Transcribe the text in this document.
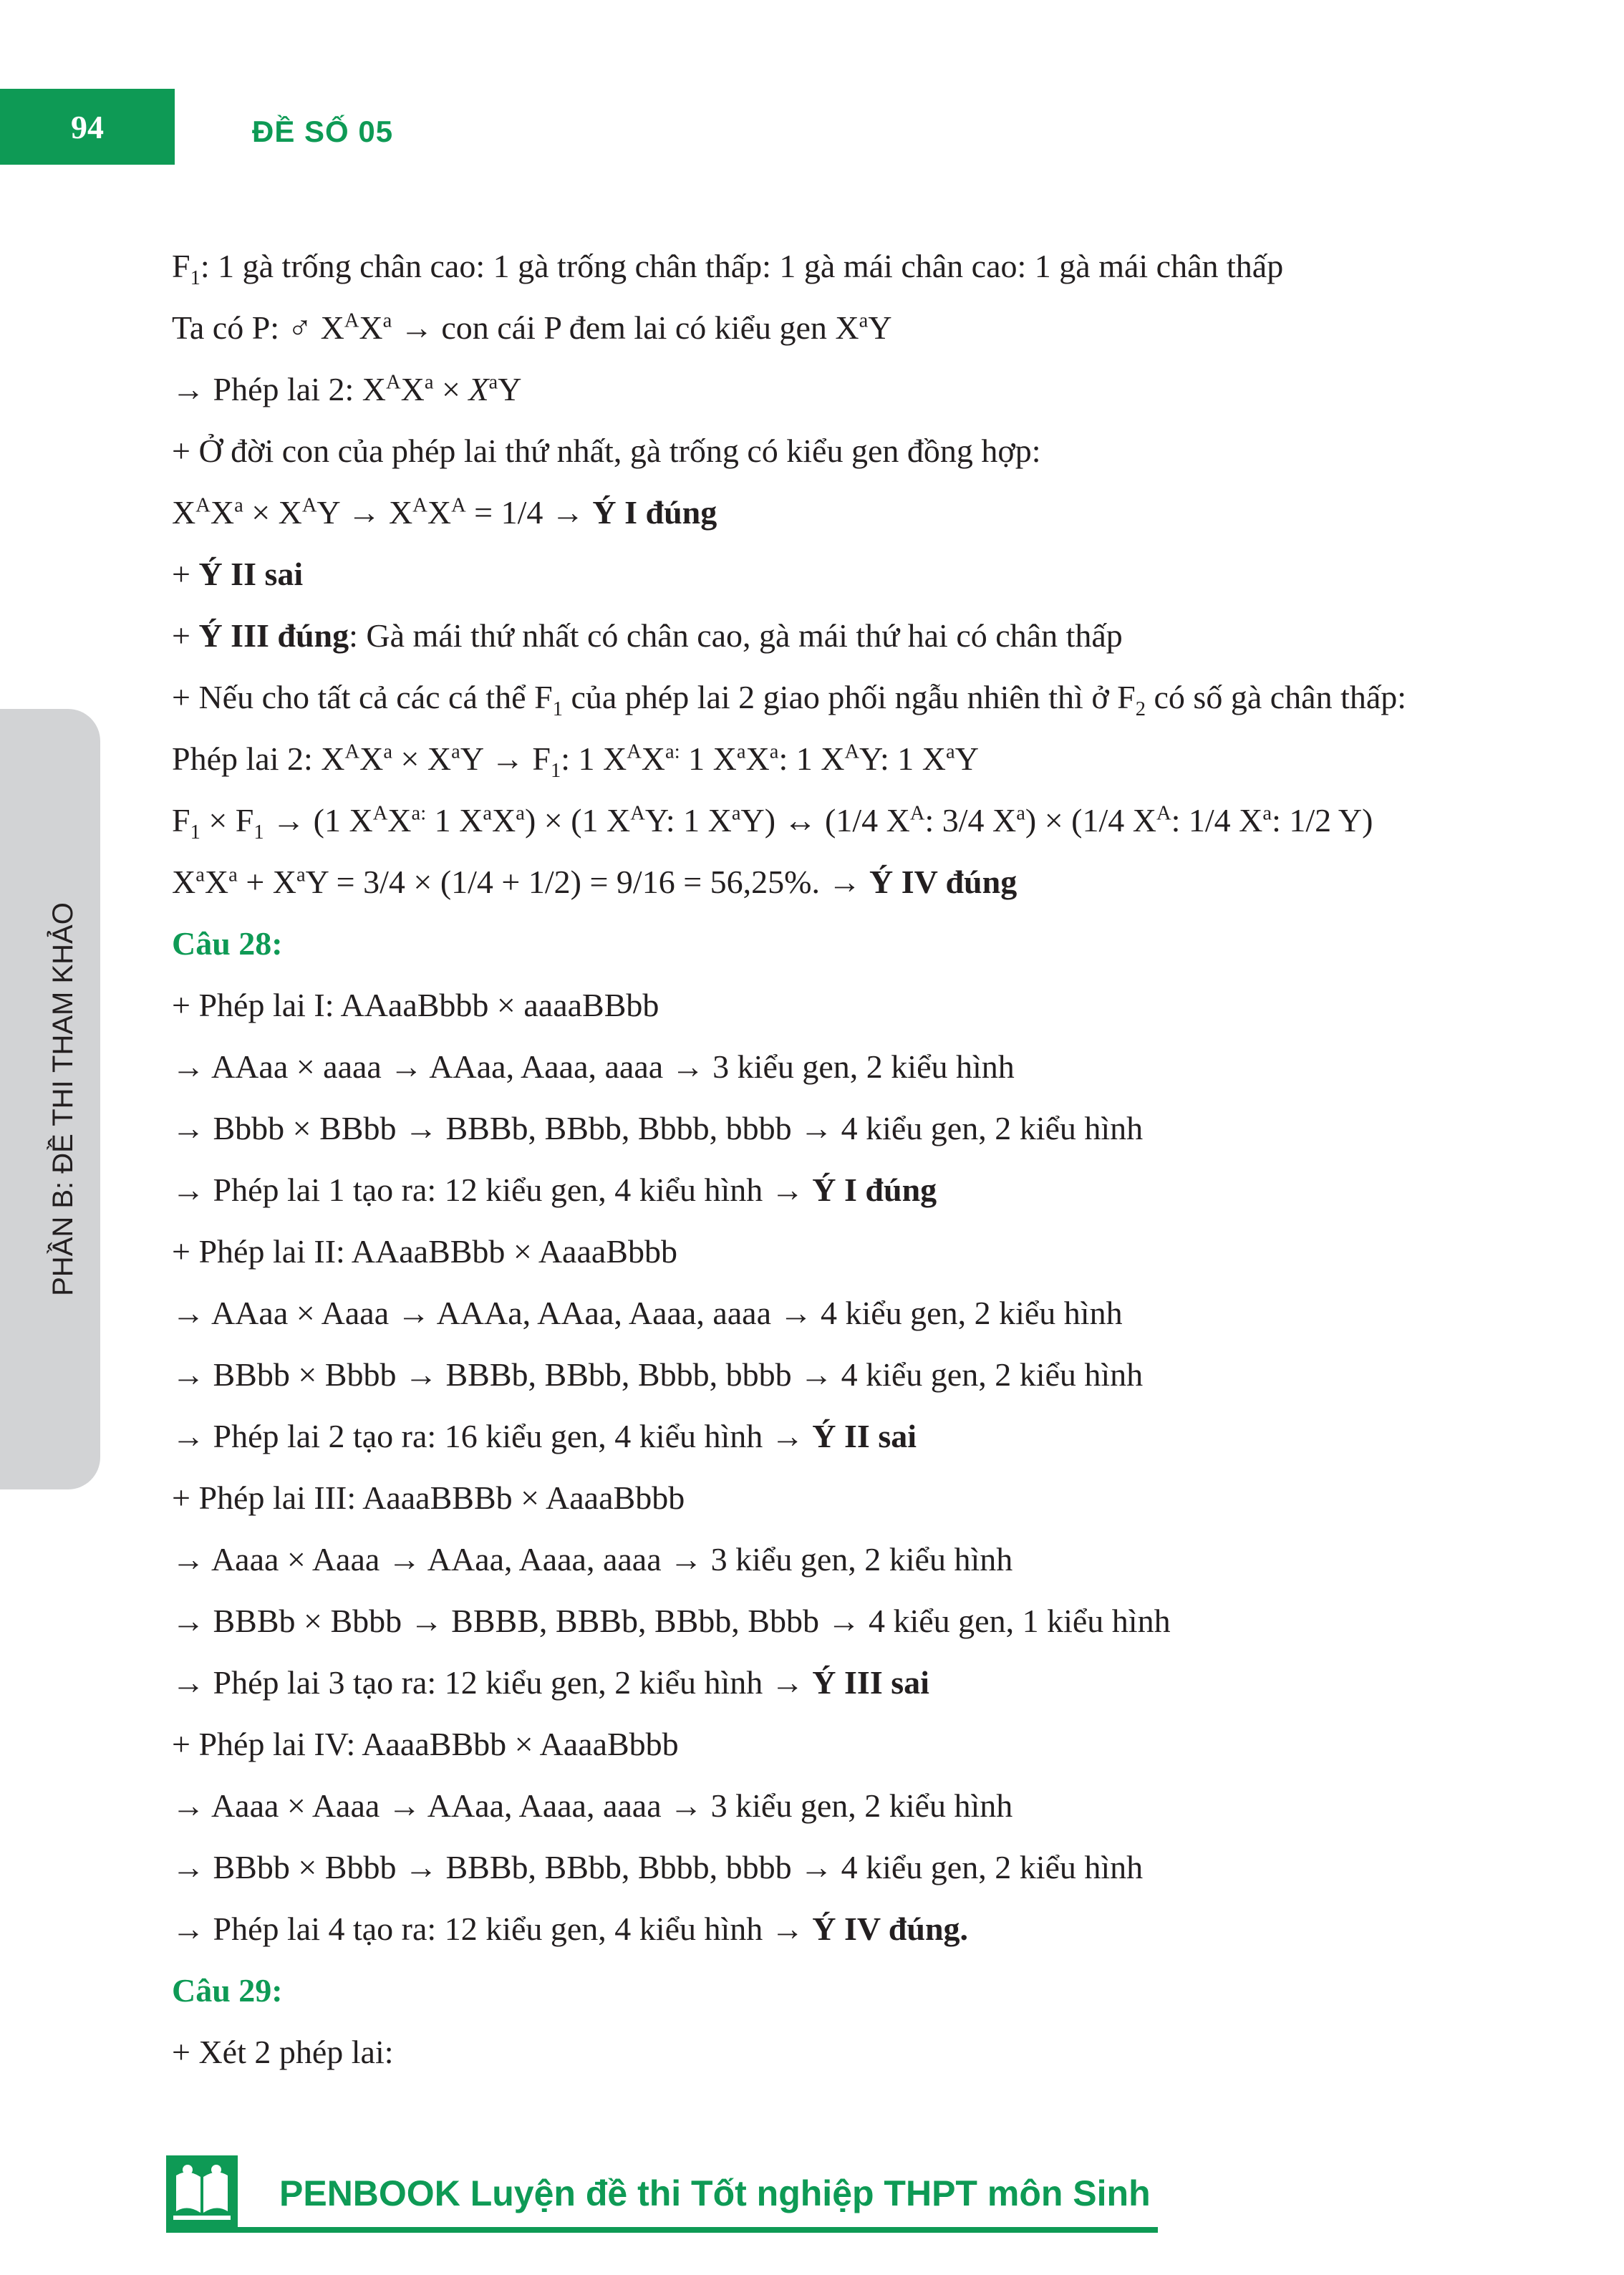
94	ĐỀ SỐ 05
PHẦN B: ĐỀ THI THAM KHẢO
$F_1$: 1 gà trống chân cao: 1 gà trống chân thấp: 1 gà mái chân cao: 1 gà mái chân thấp
Ta có P: ♂ $X^AX^a$ → con cái P đem lai có kiểu gen $X^aY$
→ Phép lai 2: $X^AX^a \times X^aY$
+ Ở đời con của phép lai thứ nhất, gà trống có kiểu gen đồng hợp:
$X^AX^a \times X^AY \to X^AX^A = 1/4$ → Ý I đúng
+ Ý II sai
+ Ý III đúng: Gà mái thứ nhất có chân cao, gà mái thứ hai có chân thấp
+ Nếu cho tất cả các cá thể $F_1$ của phép lai 2 giao phối ngẫu nhiên thì ở $F_2$ có số gà chân thấp:
Phép lai 2: $X^AX^a \times X^aY \to F_1$: 1 $X^AX^{a:}$ 1 $X^aX^a$: 1 $X^AY$: 1 $X^aY$
$F_1 \times F_1 \to (1$ $X^AX^{a:}$ 1 $X^aX^a) \times (1$ $X^AY$: 1 $X^aY$) ↔ (1/4 $X^A$: 3/4 $X^a) \times (1/4$ $X^A$: 1/4 $X^a$: 1/2 Y)
$X^aX^a + X^aY = 3/4 \times (1/4 + 1/2) = 9/16 = 56,25\%$. → Ý IV đúng
Câu 28:
+ Phép lai I: AAaaBbbb × aaaaBBbb
→ AAaa × aaaa → AAaa, Aaaa, aaaa → 3 kiểu gen, 2 kiểu hình
→ Bbbb × BBbb → BBBb, BBbb, Bbbb, bbbb → 4 kiểu gen, 2 kiểu hình
→ Phép lai 1 tạo ra: 12 kiểu gen, 4 kiểu hình → Ý I đúng
+ Phép lai II: AAaaBBbb × AaaaBbbb
→ AAaa × Aaaa → AAAa, AAaa, Aaaa, aaaa → 4 kiểu gen, 2 kiểu hình
→ BBbb × Bbbb → BBBb, BBbb, Bbbb, bbbb → 4 kiểu gen, 2 kiểu hình
→ Phép lai 2 tạo ra: 16 kiểu gen, 4 kiểu hình → Ý II sai
+ Phép lai III: AaaaBBBb × AaaaBbbb
→ Aaaa × Aaaa → AAaa, Aaaa, aaaa → 3 kiểu gen, 2 kiểu hình
→ BBBb × Bbbb → BBBB, BBBb, BBbb, Bbbb → 4 kiểu gen, 1 kiểu hình
→ Phép lai 3 tạo ra: 12 kiểu gen, 2 kiểu hình → Ý III sai
+ Phép lai IV: AaaaBBbb × AaaaBbbb
→ Aaaa × Aaaa → AAaa, Aaaa, aaaa → 3 kiểu gen, 2 kiểu hình
→ BBbb × Bbbb → BBBb, BBbb, Bbbb, bbbb → 4 kiểu gen, 2 kiểu hình
→ Phép lai 4 tạo ra: 12 kiểu gen, 4 kiểu hình → Ý IV đúng.
Câu 29:
+ Xét 2 phép lai:
PENBOOK Luyện đề thi Tốt nghiệp THPT môn Sinh
